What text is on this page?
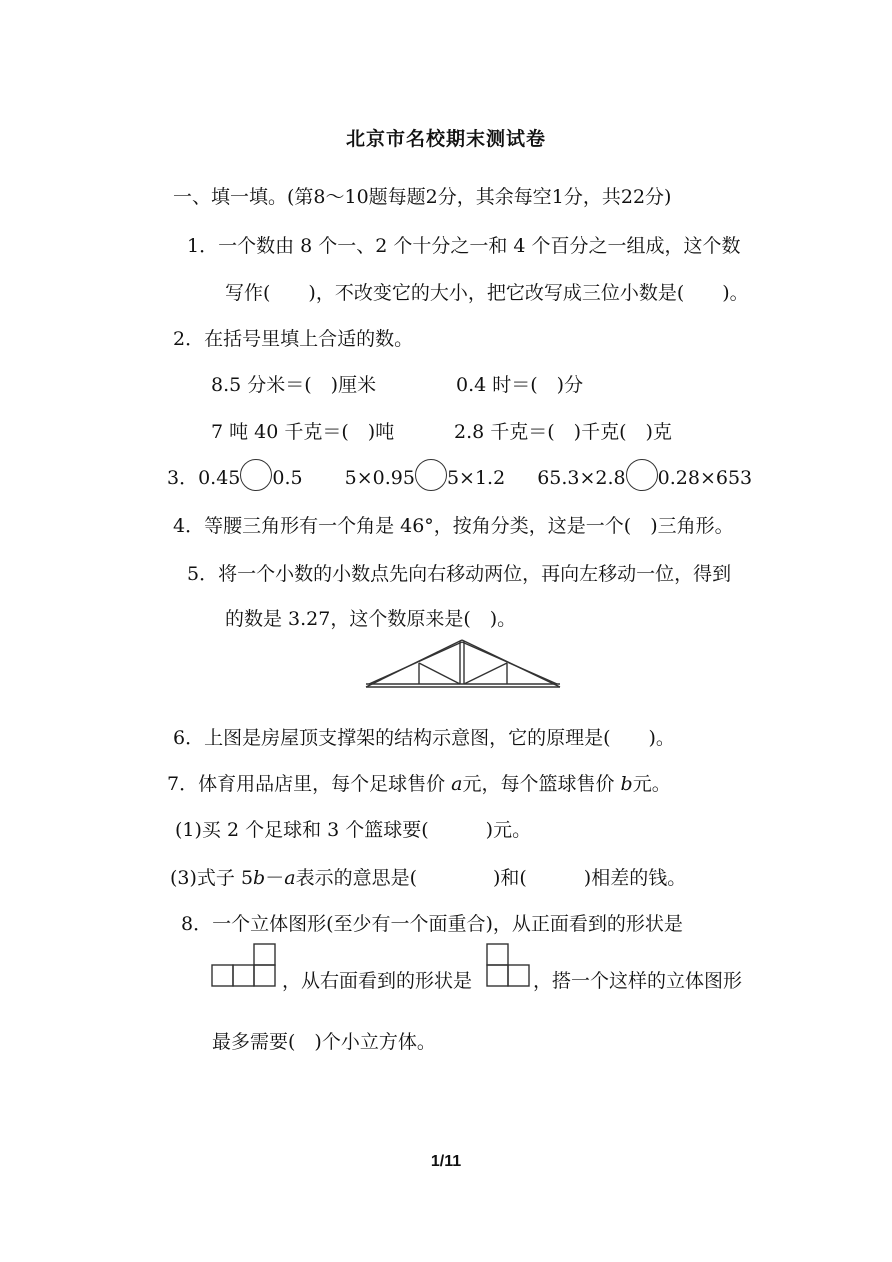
北京市名校期末测试卷
一、填一填。(第8～10题每题2分，其余每空1分，共22分)
1．一个数由 8 个一、2 个十分之一和 4 个百分之一组成，这个数
写作(　　)，不改变它的大小，把它改写成三位小数是(　　)。
2．在括号里填上合适的数。
8.5 分米＝(　)厘米	0.4 时＝(　)分
7 吨 40 千克＝(　)吨	2.8 千克＝(　)千克(　)克
3．0.45 0.5 5×0.95 5×1.2 65.3×2.8 0.28×653
4．等腰三角形有一个角是 46°，按角分类，这是一个(　)三角形。
5．将一个小数的小数点先向右移动两位，再向左移动一位，得到
的数是 3.27，这个数原来是(　)。
6．上图是房屋顶支撑架的结构示意图，它的原理是(　　)。
7．体育用品店里，每个足球售价 a元，每个篮球售价 b元。
(1)买 2 个足球和 3 个篮球要(　　　)元。
(3)式子 5b－a表示的意思是(　　　　)和(　　　)相差的钱。
8．一个立体图形(至少有一个面重合)，从正面看到的形状是
，从右面看到的形状是	，搭一个这样的立体图形
最多需要(　)个小立方体。
1/11
